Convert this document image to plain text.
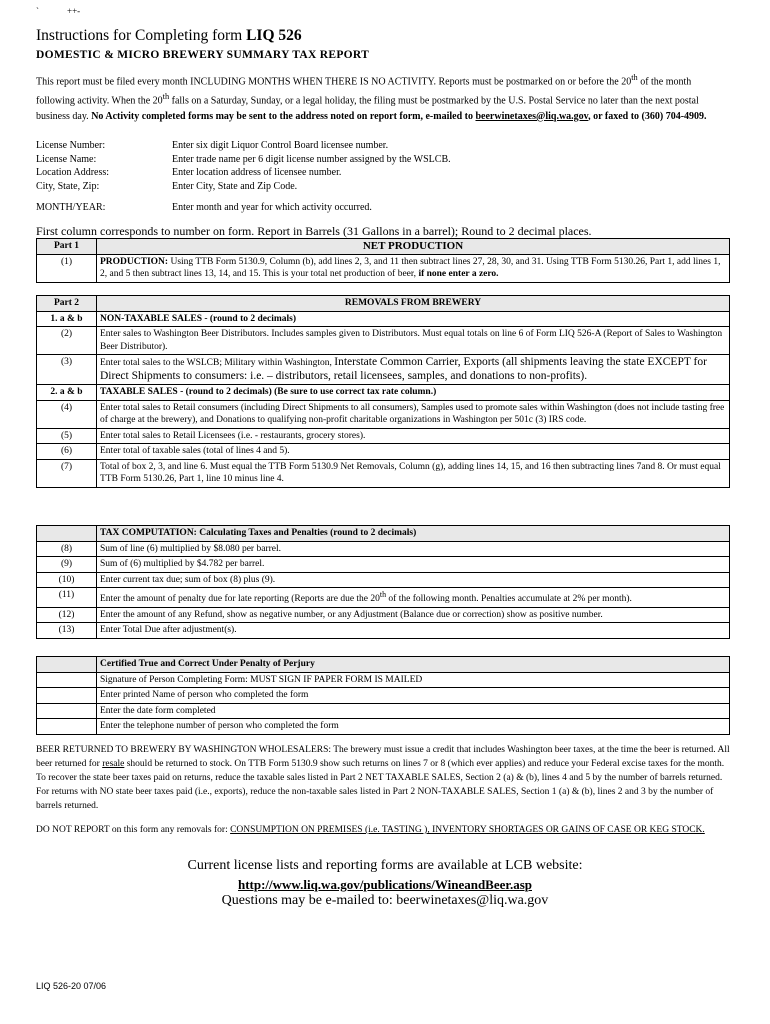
`	++-
Instructions for Completing form LIQ 526
DOMESTIC & MICRO BREWERY SUMMARY TAX REPORT
This report must be filed every month INCLUDING MONTHS WHEN THERE IS NO ACTIVITY. Reports must be postmarked on or before the 20th of the month following activity. When the 20th falls on a Saturday, Sunday, or a legal holiday, the filing must be postmarked by the U.S. Postal Service no later than the next postal business day. No Activity completed forms may be sent to the address noted on report form, e-mailed to beerwinetaxes@liq.wa.gov, or faxed to (360) 704-4909.
License Number:	Enter six digit Liquor Control Board licensee number.
License Name:	Enter trade name per 6 digit license number assigned by the WSLCB.
Location Address:	Enter location address of licensee number.
City, State, Zip:	Enter City, State and Zip Code.
MONTH/YEAR:	Enter month and year for which activity occurred.
First column corresponds to number on form. Report in Barrels (31 Gallons in a barrel); Round to 2 decimal places.
Part 1	NET PRODUCTION
(1)	PRODUCTION: Using TTB Form 5130.9, Column (b), add lines 2, 3, and 11 then subtract lines 27, 28, 30, and 31. Using TTB Form 5130.26, Part 1, add lines 1, 2, and 5 then subtract lines 13, 14, and 15. This is your total net production of beer, if none enter a zero.
Part 2	REMOVALS FROM BREWERY
1. a & b	NON-TAXABLE SALES - (round to 2 decimals)
(2)	Enter sales to Washington Beer Distributors. Includes samples given to Distributors. Must equal totals on line 6 of Form LIQ 526-A (Report of Sales to Washington Beer Distributor).
(3)	Enter total sales to the WSLCB; Military within Washington, Interstate Common Carrier, Exports (all shipments leaving the state EXCEPT for Direct Shipments to consumers: i.e. – distributors, retail licensees, samples, and donations to non-profits).
2. a & b	TAXABLE SALES - (round to 2 decimals) (Be sure to use correct tax rate column.)
(4)	Enter total sales to Retail consumers (including Direct Shipments to all consumers), Samples used to promote sales within Washington (does not include tasting free of charge at the brewery), and Donations to qualifying non-profit charitable organizations in Washington per 501c (3) IRS code.
(5)	Enter total sales to Retail Licensees (i.e. - restaurants, grocery stores).
(6)	Enter total of taxable sales (total of lines 4 and 5).
(7)	Total of box 2, 3, and line 6. Must equal the TTB Form 5130.9 Net Removals, Column (g), adding lines 14, 15, and 16 then subtracting lines 7and 8. Or must equal TTB Form 5130.26, Part 1, line 10 minus line 4.
	TAX COMPUTATION: Calculating Taxes and Penalties (round to 2 decimals)
(8)	Sum of line (6) multiplied by $8.080 per barrel.
(9)	Sum of (6) multiplied by $4.782 per barrel.
(10)	Enter current tax due; sum of box (8) plus (9).
(11)	Enter the amount of penalty due for late reporting (Reports are due the 20th of the following month. Penalties accumulate at 2% per month).
(12)	Enter the amount of any Refund, show as negative number, or any Adjustment (Balance due or correction) show as positive number.
(13)	Enter Total Due after adjustment(s).
	Certified True and Correct Under Penalty of Perjury
	Signature of Person Completing Form: MUST SIGN IF PAPER FORM IS MAILED
	Enter printed Name of person who completed the form
	Enter the date form completed
	Enter the telephone number of person who completed the form
BEER RETURNED TO BREWERY BY WASHINGTON WHOLESALERS: The brewery must issue a credit that includes Washington beer taxes, at the time the beer is returned. All beer returned for resale should be returned to stock. On TTB Form 5130.9 show such returns on lines 7 or 8 (which ever applies) and reduce your Federal excise taxes for the month. To recover the state beer taxes paid on returns, reduce the taxable sales listed in Part 2 NET TAXABLE SALES, Section 2 (a) & (b), lines 4 and 5 by the number of barrels returned. For returns with NO state beer taxes paid (i.e., exports), reduce the non-taxable sales listed in Part 2 NON-TAXABLE SALES, Section 1 (a) & (b), lines 2 and 3 by the number of barrels returned.
DO NOT REPORT on this form any removals for: CONSUMPTION ON PREMISES (i.e. TASTING ), INVENTORY SHORTAGES OR GAINS OF CASE OR KEG STOCK.
Current license lists and reporting forms are available at LCB website:
http://www.liq.wa.gov/publications/WineandBeer.asp
Questions may be e-mailed to: beerwinetaxes@liq.wa.gov
LIQ 526-20 07/06
